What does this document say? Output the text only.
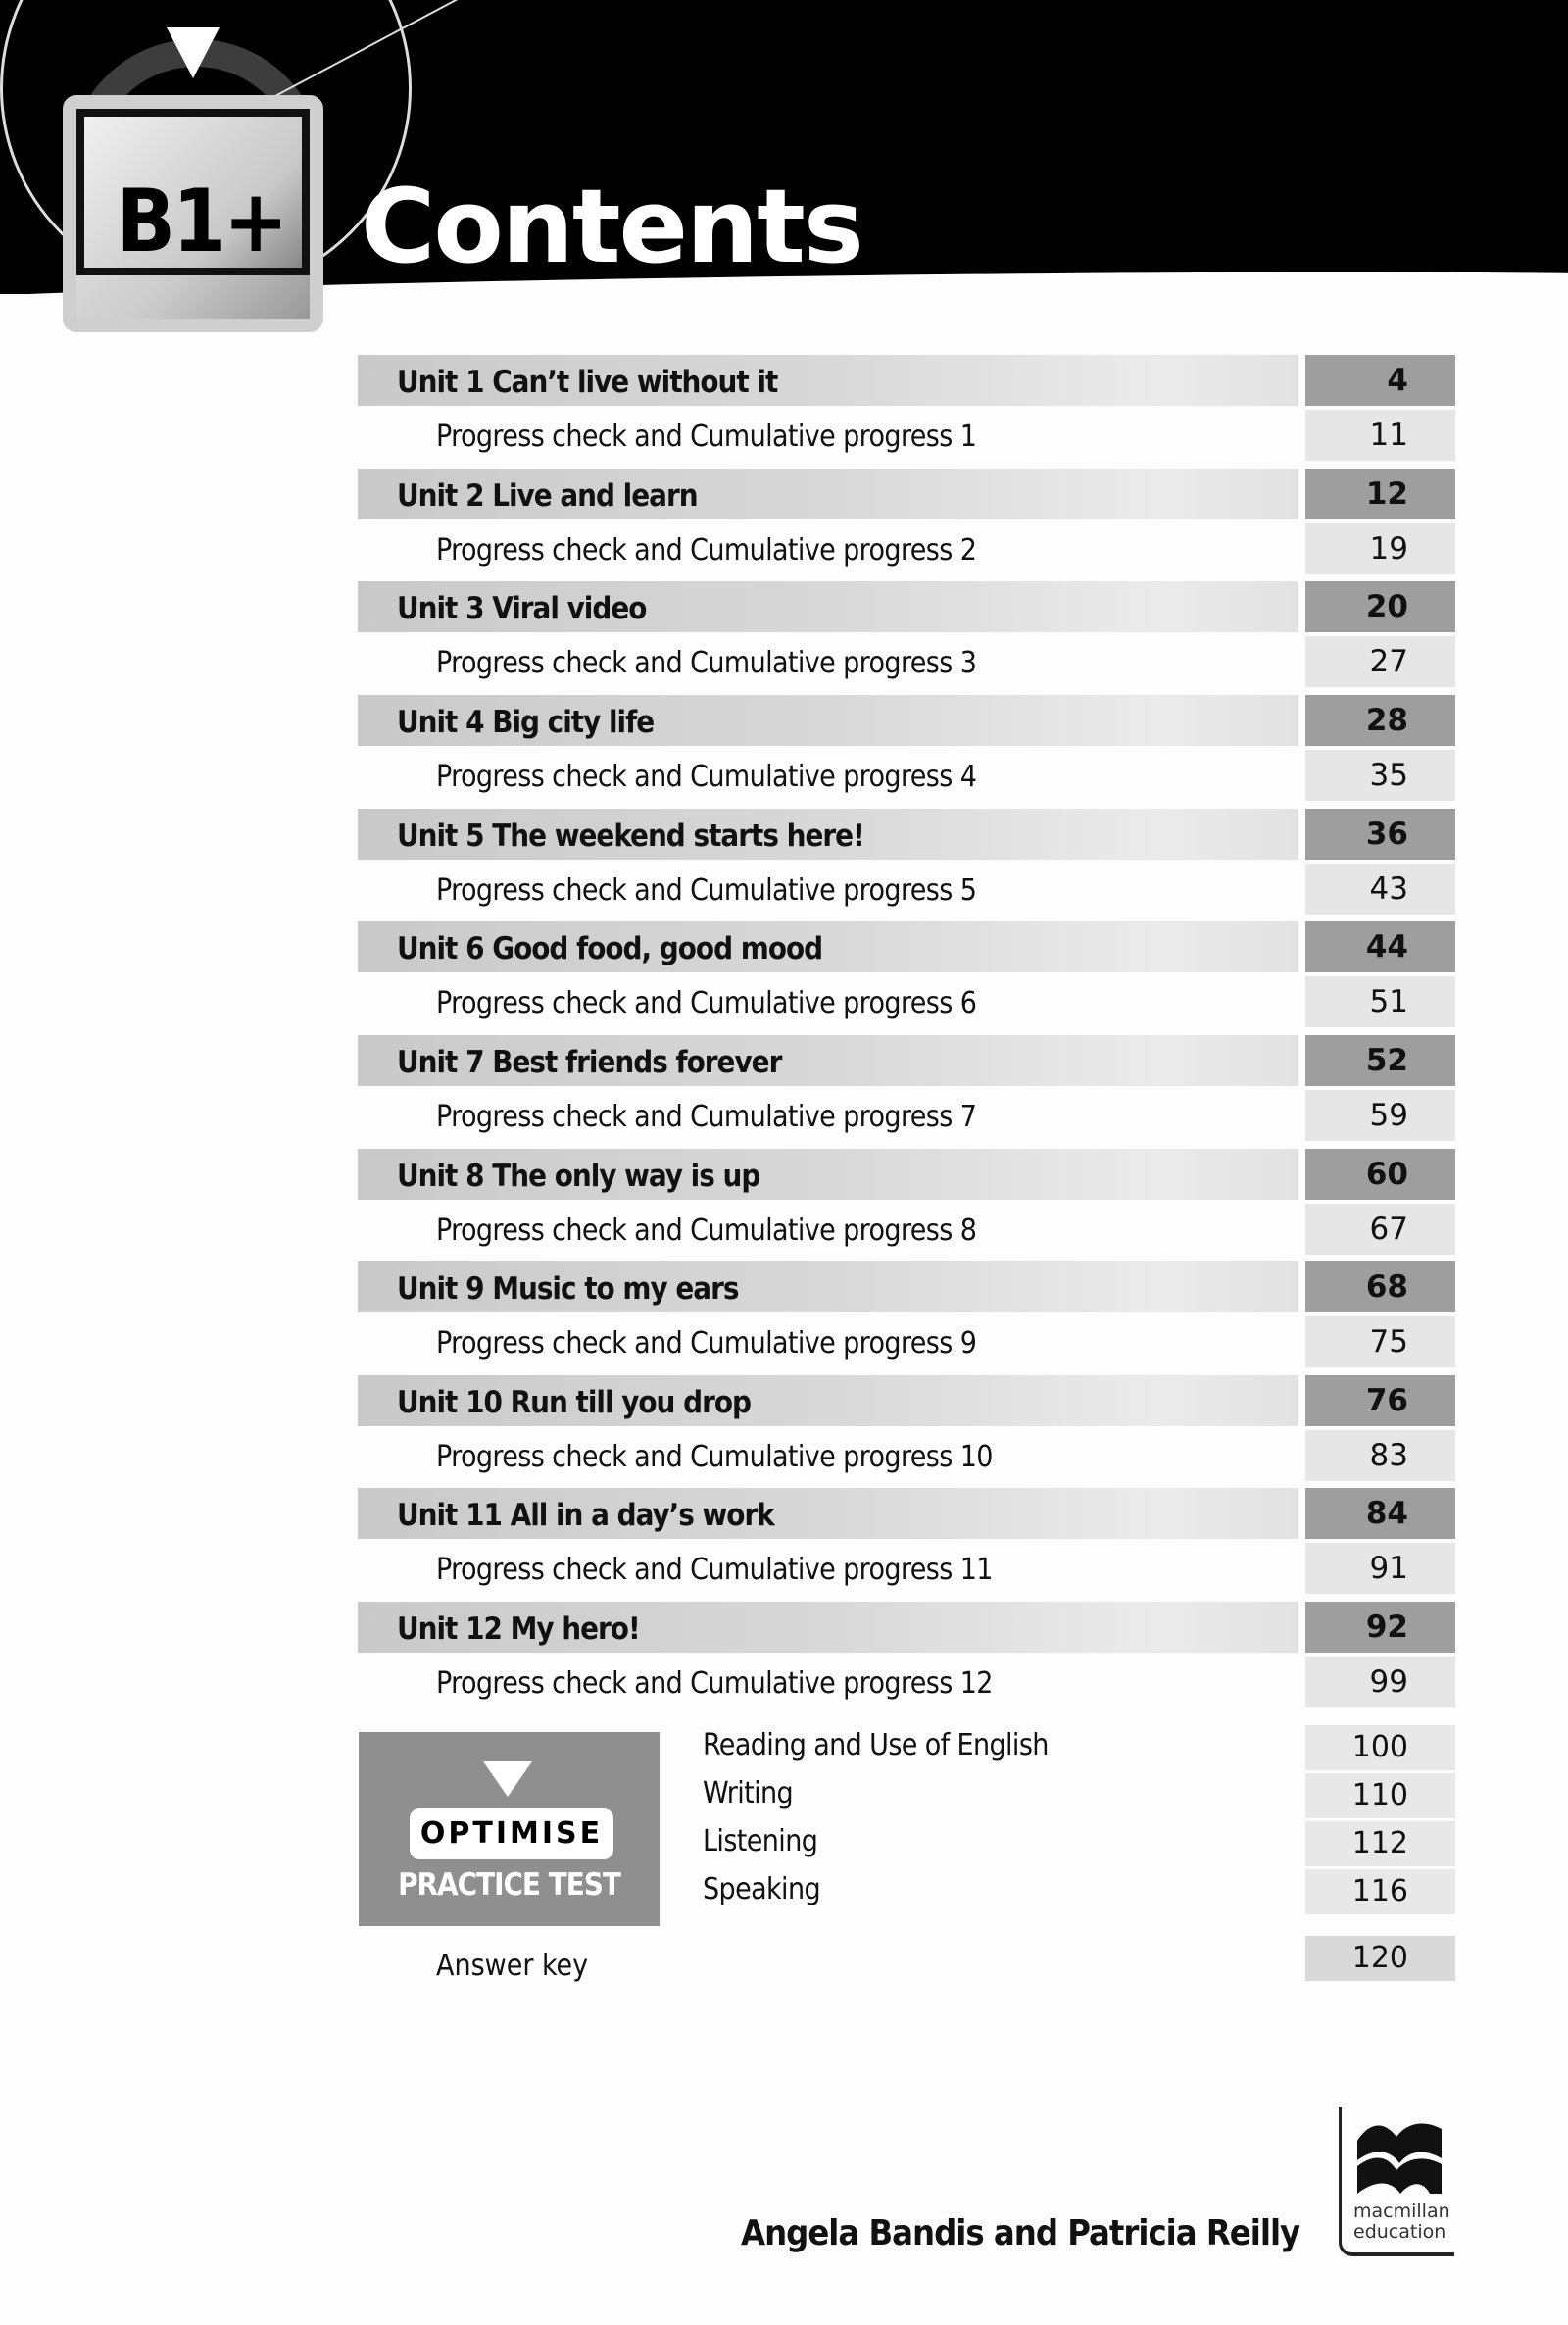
Contents
B1+
Unit 1 Can’t live without it	4
Progress check and Cumulative progress 1	11
Unit 2 Live and learn	12
Progress check and Cumulative progress 2	19
Unit 3 Viral video	20
Progress check and Cumulative progress 3	27
Unit 4 Big city life	28
Progress check and Cumulative progress 4	35
Unit 5 The weekend starts here!	36
Progress check and Cumulative progress 5	43
Unit 6 Good food, good mood	44
Progress check and Cumulative progress 6	51
Unit 7 Best friends forever	52
Progress check and Cumulative progress 7	59
Unit 8 The only way is up	60
Progress check and Cumulative progress 8	67
Unit 9 Music to my ears	68
Progress check and Cumulative progress 9	75
Unit 10 Run till you drop	76
Progress check and Cumulative progress 10	83
Unit 11 All in a day’s work	84
Progress check and Cumulative progress 11	91
Unit 12 My hero!	92
Progress check and Cumulative progress 12	99
OPTIMISE
PRACTICE TEST
Reading and Use of English	100
Writing	110
Listening	112
Speaking	116
Answer key	120
Angela Bandis and Patricia Reilly
macmillan
education
